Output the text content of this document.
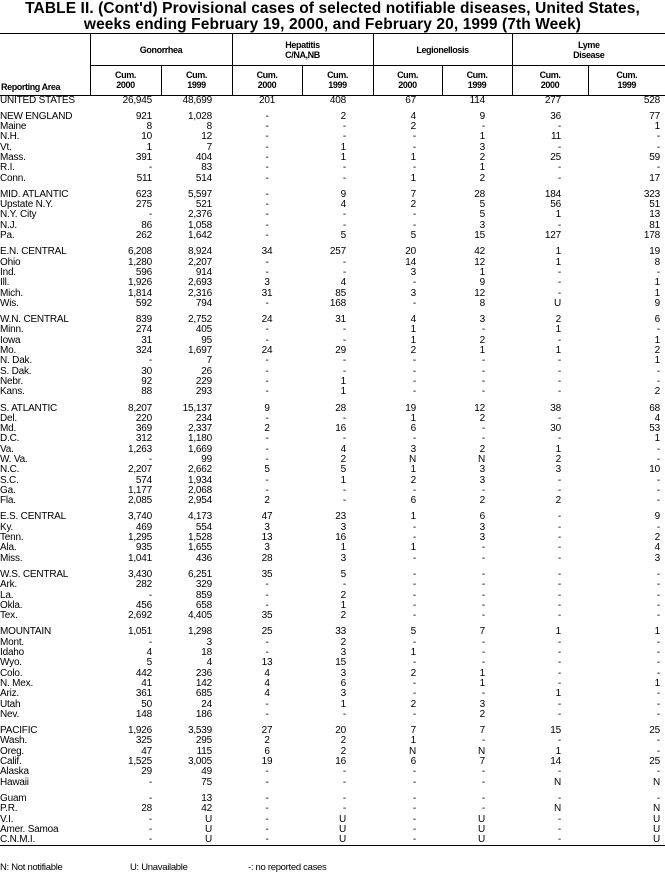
TABLE II. (Cont'd) Provisional cases of selected notifiable diseases, United States,
weeks ending February 19, 2000, and February 20, 1999 (7th Week)
	Gonorrhea		Hepatitis C/NA,NB		Legionellosis		Lyme Disease	
Reporting Area	Cum. 2000	Cum. 1999	Cum. 2000	Cum. 1999	Cum. 2000	Cum. 1999	Cum. 2000	Cum. 1999
UNITED STATES	26,945	48,699	201	408	67	114	277	528

NEW ENGLAND	921	1,028	-	2	4	9	36	77
Maine	8	8	-	-	2	-	-	1
N.H.	10	12	-	-	-	1	11	-
Vt.	1	7	-	1	-	3	-	-
Mass.	391	404	-	1	1	2	25	59
R.I.	-	83	-	-	-	1	-	-
Conn.	511	514	-	-	1	2	-	17

MID. ATLANTIC	623	5,597	-	9	7	28	184	323
Upstate N.Y.	275	521	-	4	2	5	56	51
N.Y. City	-	2,376	-	-	-	5	1	13
N.J.	86	1,058	-	-	-	3	-	81
Pa.	262	1,642	-	5	5	15	127	178

E.N. CENTRAL	6,208	8,924	34	257	20	42	1	19
Ohio	1,280	2,207	-	-	14	12	1	8
Ind.	596	914	-	-	3	1	-	-
Ill.	1,926	2,693	3	4	-	9	-	1
Mich.	1,814	2,316	31	85	3	12	-	1
Wis.	592	794	-	168	-	8	U	9

W.N. CENTRAL	839	2,752	24	31	4	3	2	6
Minn.	274	405	-	-	1	-	1	-
Iowa	31	95	-	-	1	2	-	1
Mo.	324	1,697	24	29	2	1	1	2
N. Dak.	-	7	-	-	-	-	-	1
S. Dak.	30	26	-	-	-	-	-	-
Nebr.	92	229	-	1	-	-	-	-
Kans.	88	293	-	1	-	-	-	2

S. ATLANTIC	8,207	15,137	9	28	19	12	38	68
Del.	220	234	-	-	1	2	-	4
Md.	369	2,337	2	16	6	-	30	53
D.C.	312	1,180	-	-	-	-	-	1
Va.	1,263	1,669	-	4	3	2	1	-
W. Va.	-	99	-	2	N	N	2	-
N.C.	2,207	2,662	5	5	1	3	3	10
S.C.	574	1,934	-	1	2	3	-	-
Ga.	1,177	2,068	-	-	-	-	-	-
Fla.	2,085	2,954	2	-	6	2	2	-

E.S. CENTRAL	3,740	4,173	47	23	1	6	-	9
Ky.	469	554	3	3	-	3	-	-
Tenn.	1,295	1,528	13	16	-	3	-	2
Ala.	935	1,655	3	1	1	-	-	4
Miss.	1,041	436	28	3	-	-	-	3

W.S. CENTRAL	3,430	6,251	35	5	-	-	-	-
Ark.	282	329	-	-	-	-	-	-
La.	-	859	-	2	-	-	-	-
Okla.	456	658	-	1	-	-	-	-
Tex.	2,692	4,405	35	2	-	-	-	-

MOUNTAIN	1,051	1,298	25	33	5	7	1	1
Mont.	-	3	-	2	-	-	-	-
Idaho	4	18	-	3	1	-	-	-
Wyo.	5	4	13	15	-	-	-	-
Colo.	442	236	4	3	2	1	-	-
N. Mex.	41	142	4	6	-	1	-	1
Ariz.	361	685	4	3	-	-	1	-
Utah	50	24	-	1	2	3	-	-
Nev.	148	186	-	-	-	2	-	-

PACIFIC	1,926	3,539	27	20	7	7	15	25
Wash.	325	295	2	2	1	-	-	-
Oreg.	47	115	6	2	N	N	1	-
Calif.	1,525	3,005	19	16	6	7	14	25
Alaska	29	49	-	-	-	-	-	-
Hawaii	-	75	-	-	-	-	N	N

Guam	-	13	-	-	-	-	-	-
P.R.	28	42	-	-	-	-	N	N
V.I.	-	U	-	U	-	U	-	U
Amer. Samoa	-	U	-	U	-	U	-	U
C.N.M.I.	-	U	-	U	-	U	-	U
N: Not notifiable	U: Unavailable	-: no reported cases
